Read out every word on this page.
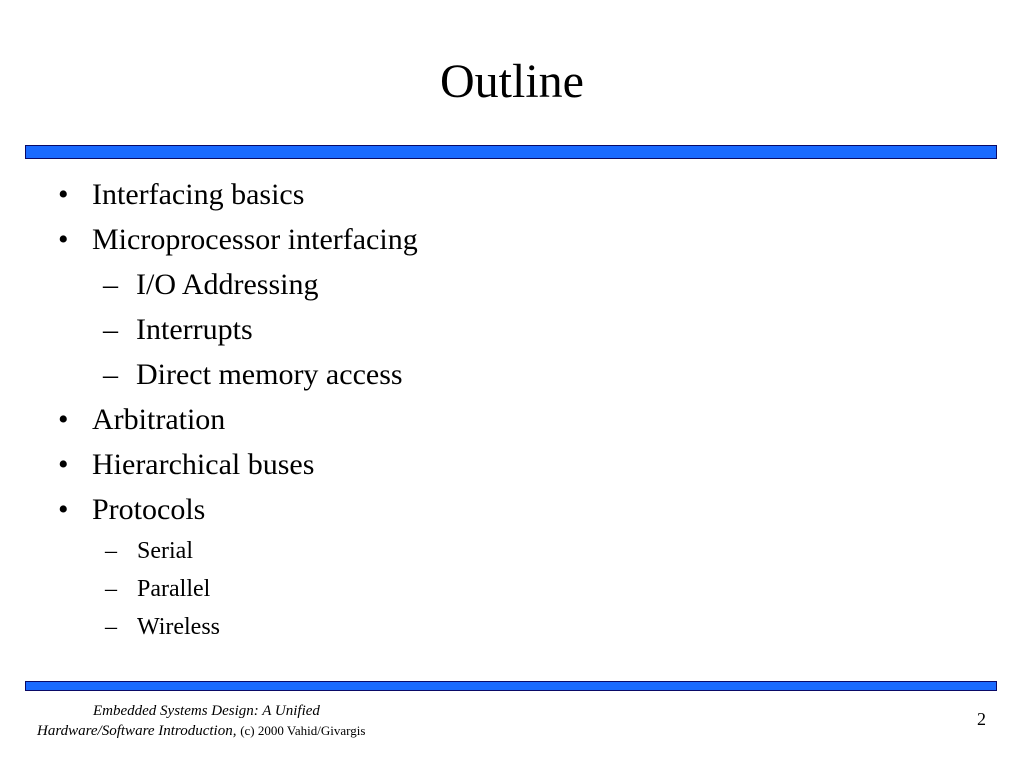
Outline
• Interfacing basics
• Microprocessor interfacing
– I/O Addressing
– Interrupts
– Direct memory access
• Arbitration
• Hierarchical buses
• Protocols
– Serial
– Parallel
– Wireless
Embedded Systems Design: A Unified
Hardware/Software Introduction, (c) 2000 Vahid/Givargis
2
